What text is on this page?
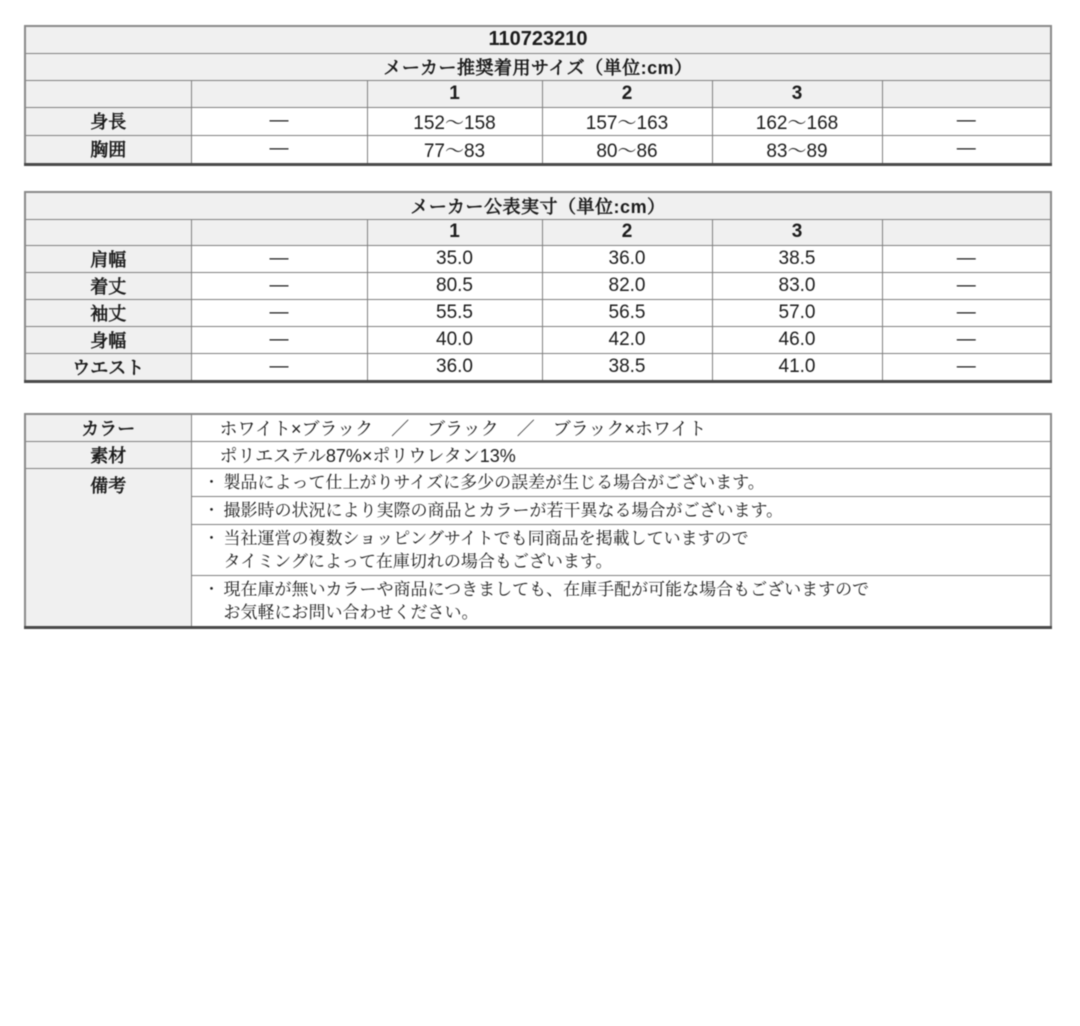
110723210					
メーカー推奨着用サイズ（単位:cm）					
		1	2	3	
身長	—	152～158	157～163	162～168	—
胸囲	—	77～83	80～86	83～89	—
メーカー公表実寸（単位:cm）					
		1	2	3	
肩幅	—	35.0	36.0	38.5	—
着丈	—	80.5	82.0	83.0	—
袖丈	—	55.5	56.5	57.0	—
身幅	—	40.0	42.0	46.0	—
ウエスト	—	36.0	38.5	41.0	—
カラー	ホワイト×ブラック　／　ブラック　／　ブラック×ホワイト
素材	ポリエステル87%×ポリウレタン13%
備考	・ 製品によって仕上がりサイズに多少の誤差が生じる場合がございます。

	・ 撮影時の状況により実際の商品とカラーが若干異なる場合がございます。

	・ 当社運営の複数ショッピングサイトでも同商品を掲載していますので
タイミングによって在庫切れの場合もございます。

	・ 現在庫が無いカラーや商品につきましても、在庫手配が可能な場合もございますので
お気軽にお問い合わせください。
